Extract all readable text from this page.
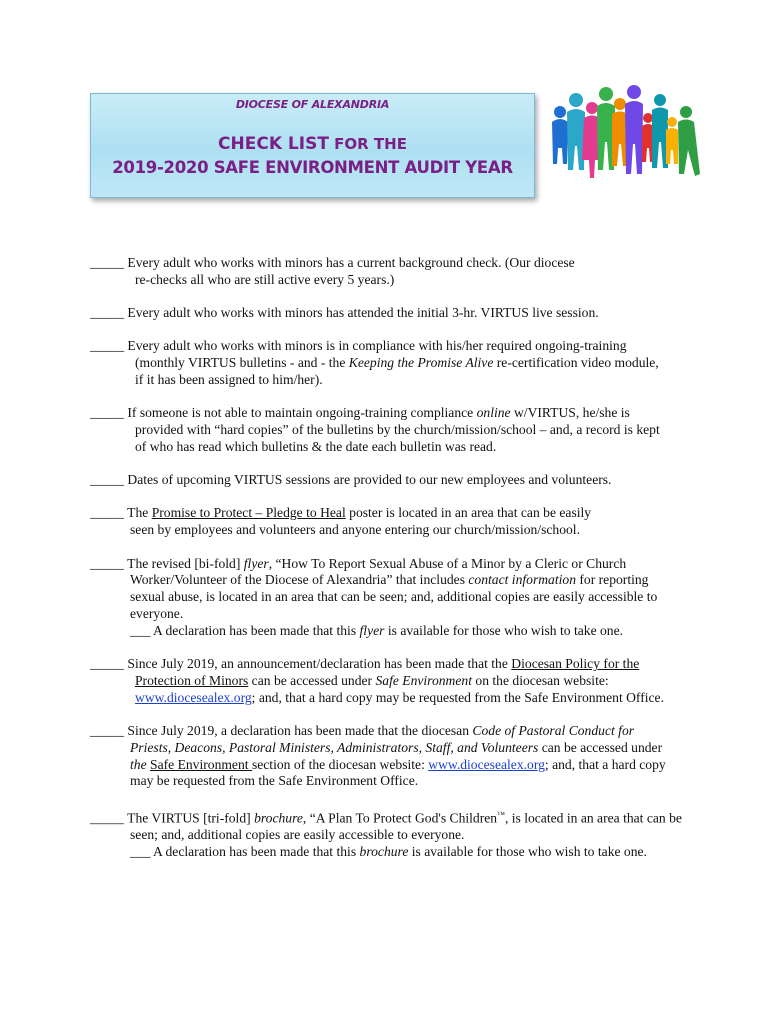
DIOCESE OF ALEXANDRIA
CHECK LIST FOR THE
2019-2020 SAFE ENVIRONMENT AUDIT YEAR

_____ Every adult who works with minors has a current background check. (Our diocese

re-checks all who are still active every 5 years.)

_____ Every adult who works with minors has attended the initial 3-hr. VIRTUS live session.

_____ Every adult who works with minors is in compliance with his/her required ongoing-training

(monthly VIRTUS bulletins - and - the Keeping the Promise Alive re-certification video module,

if it has been assigned to him/her).

_____ If someone is not able to maintain ongoing-training compliance online w/VIRTUS, he/she is

provided with “hard copies” of the bulletins by the church/mission/school – and, a record is kept

of who has read which bulletins & the date each bulletin was read.

_____ Dates of upcoming VIRTUS sessions are provided to our new employees and volunteers.

_____ The Promise to Protect – Pledge to Heal poster is located in an area that can be easily

seen by employees and volunteers and anyone entering our church/mission/school.

_____ The revised [bi-fold] flyer, “How To Report Sexual Abuse of a Minor by a Cleric or Church

Worker/Volunteer of the Diocese of Alexandria” that includes contact information for reporting

sexual abuse, is located in an area that can be seen; and, additional copies are easily accessible to

everyone.

___ A declaration has been made that this flyer is available for those who wish to take one.

_____ Since July 2019, an announcement/declaration has been made that the Diocesan Policy for the

Protection of Minors can be accessed under Safe Environment on the diocesan website:

www.diocesealex.org; and, that a hard copy may be requested from the Safe Environment Office.

_____ Since July 2019, a declaration has been made that the diocesan Code of Pastoral Conduct for

Priests, Deacons, Pastoral Ministers, Administrators, Staff, and Volunteers can be accessed under

the Safe Environment section of the diocesan website: www.diocesealex.org; and, that a hard copy

may be requested from the Safe Environment Office.

_____ The VIRTUS [tri-fold] brochure, “A Plan To Protect God's Children™, is located in an area that can be

seen; and, additional copies are easily accessible to everyone.

___ A declaration has been made that this brochure is available for those who wish to take one.
